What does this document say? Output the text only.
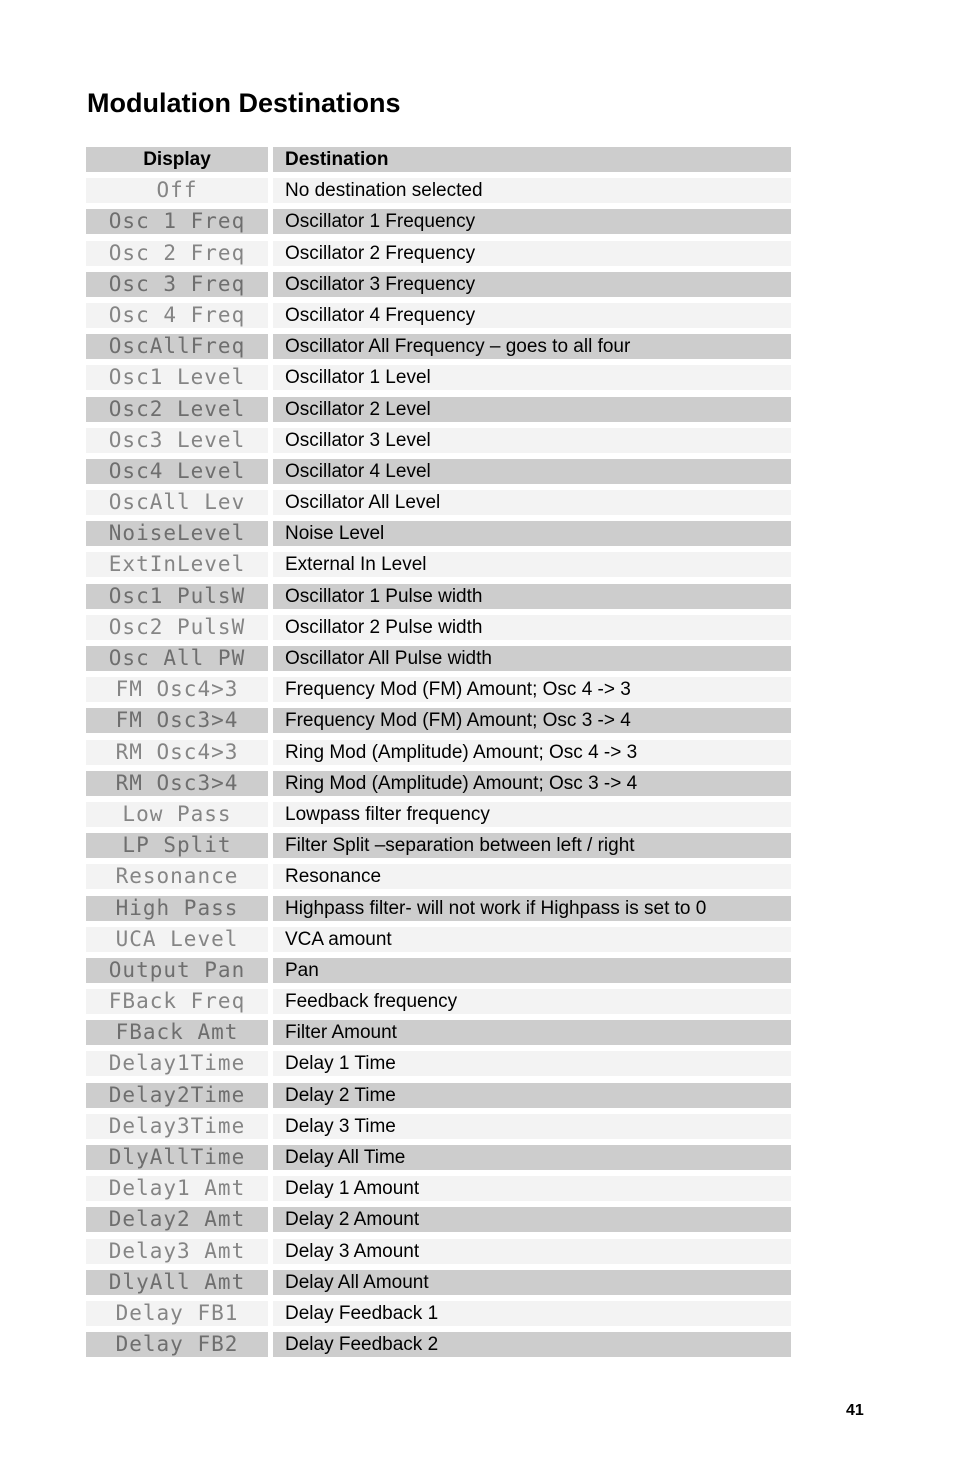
Modulation Destinations
Display	Destination
Off	No destination selected
Osc 1 Freq	Oscillator 1 Frequency
Osc 2 Freq	Oscillator 2 Frequency
Osc 3 Freq	Oscillator 3 Frequency
Osc 4 Freq	Oscillator 4 Frequency
OscAllFreq	Oscillator All Frequency – goes to all four
Osc1 Level	Oscillator 1 Level
Osc2 Level	Oscillator 2 Level
Osc3 Level	Oscillator 3 Level
Osc4 Level	Oscillator 4 Level
OscAll Lev	Oscillator All Level
NoiseLevel	Noise Level
ExtInLevel	External In Level
Osc1 PulsW	Oscillator 1 Pulse width
Osc2 PulsW	Oscillator 2 Pulse width
Osc All PW	Oscillator All Pulse width
FM Osc4>3	Frequency Mod (FM) Amount; Osc 4 -> 3
FM Osc3>4	Frequency Mod (FM) Amount; Osc 3 -> 4
RM Osc4>3	Ring Mod (Amplitude) Amount; Osc 4 -> 3
RM Osc3>4	Ring Mod (Amplitude) Amount; Osc 3 -> 4
Low Pass	Lowpass filter frequency
LP Split	Filter Split –separation between left / right
Resonance	Resonance
High Pass	Highpass filter- will not work if Highpass is set to 0
UCA Level	VCA amount
Output Pan	Pan
FBack Freq	Feedback frequency
FBack Amt	Filter Amount
Delay1Time	Delay 1 Time
Delay2Time	Delay 2 Time
Delay3Time	Delay 3 Time
DlyAllTime	Delay All Time
Delay1 Amt	Delay 1 Amount
Delay2 Amt	Delay 2 Amount
Delay3 Amt	Delay 3 Amount
DlyAll Amt	Delay All Amount
Delay FB1	Delay Feedback 1
Delay FB2	Delay Feedback 2
41
